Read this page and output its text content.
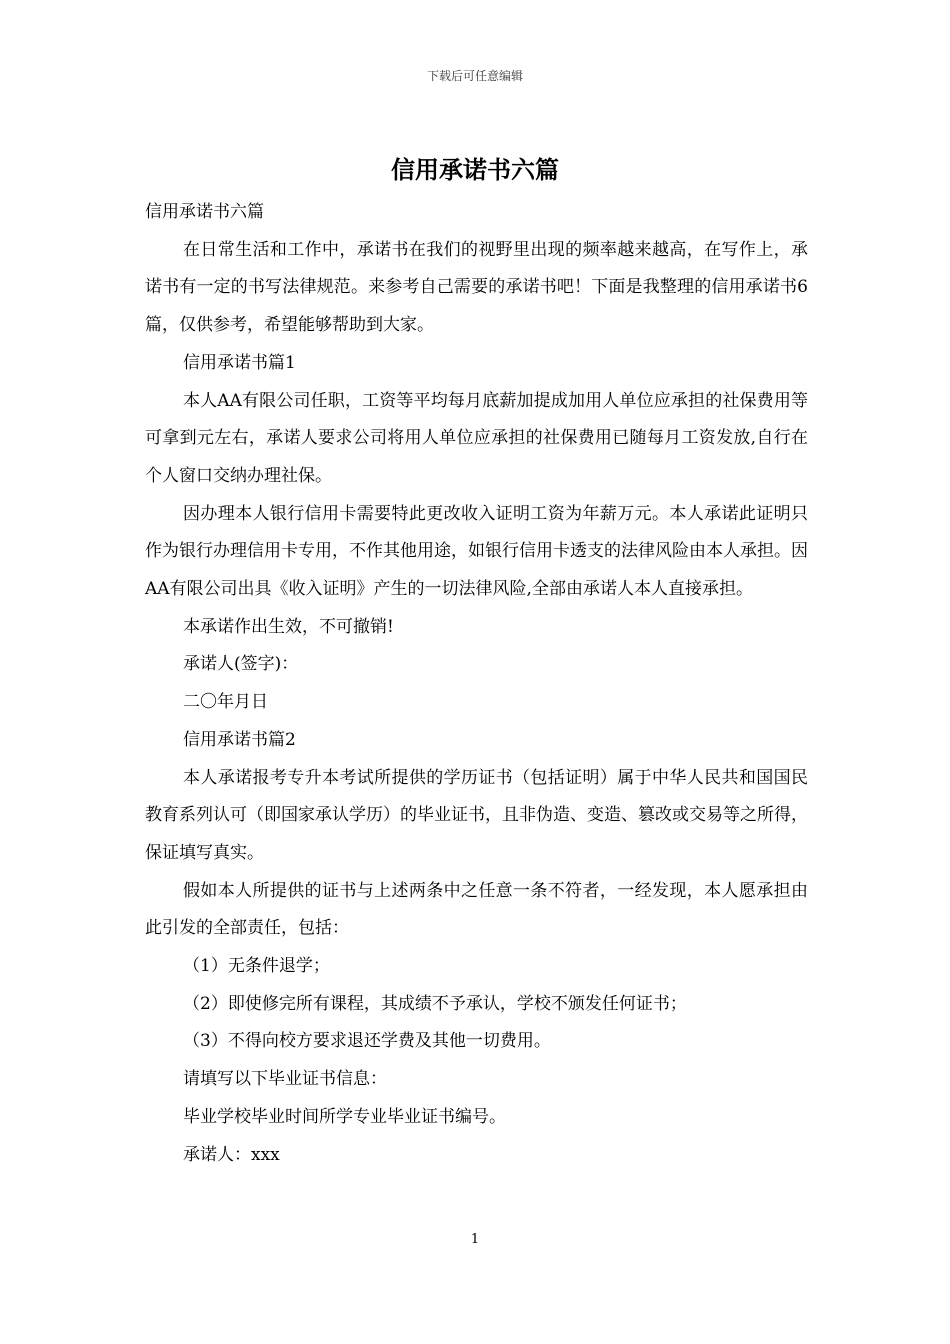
下载后可任意编辑
信用承诺书六篇

信用承诺书六篇

在日常生活和工作中，承诺书在我们的视野里出现的频率越来越高，在写作上，承诺书有一定的书写法律规范。来参考自己需要的承诺书吧！下面是我整理的信用承诺书6篇，仅供参考，希望能够帮助到大家。

信用承诺书篇1

本人AA有限公司任职，工资等平均每月底薪加提成加用人单位应承担的社保费用等可拿到元左右，承诺人要求公司将用人单位应承担的社保费用已随每月工资发放,自行在个人窗口交纳办理社保。

因办理本人银行信用卡需要特此更改收入证明工资为年薪万元。本人承诺此证明只作为银行办理信用卡专用，不作其他用途，如银行信用卡透支的法律风险由本人承担。因AA有限公司出具《收入证明》产生的一切法律风险,全部由承诺人本人直接承担。

本承诺作出生效，不可撤销!

承诺人(签字)：

二〇年月日

信用承诺书篇2

本人承诺报考专升本考试所提供的学历证书（包括证明）属于中华人民共和国国民教育系列认可（即国家承认学历）的毕业证书，且非伪造、变造、篡改或交易等之所得，保证填写真实。

假如本人所提供的证书与上述两条中之任意一条不符者，一经发现，本人愿承担由此引发的全部责任，包括：

（1）无条件退学；

（2）即使修完所有课程，其成绩不予承认，学校不颁发任何证书；

（3）不得向校方要求退还学费及其他一切费用。

请填写以下毕业证书信息：

毕业学校毕业时间所学专业毕业证书编号。

承诺人：xxx

1
